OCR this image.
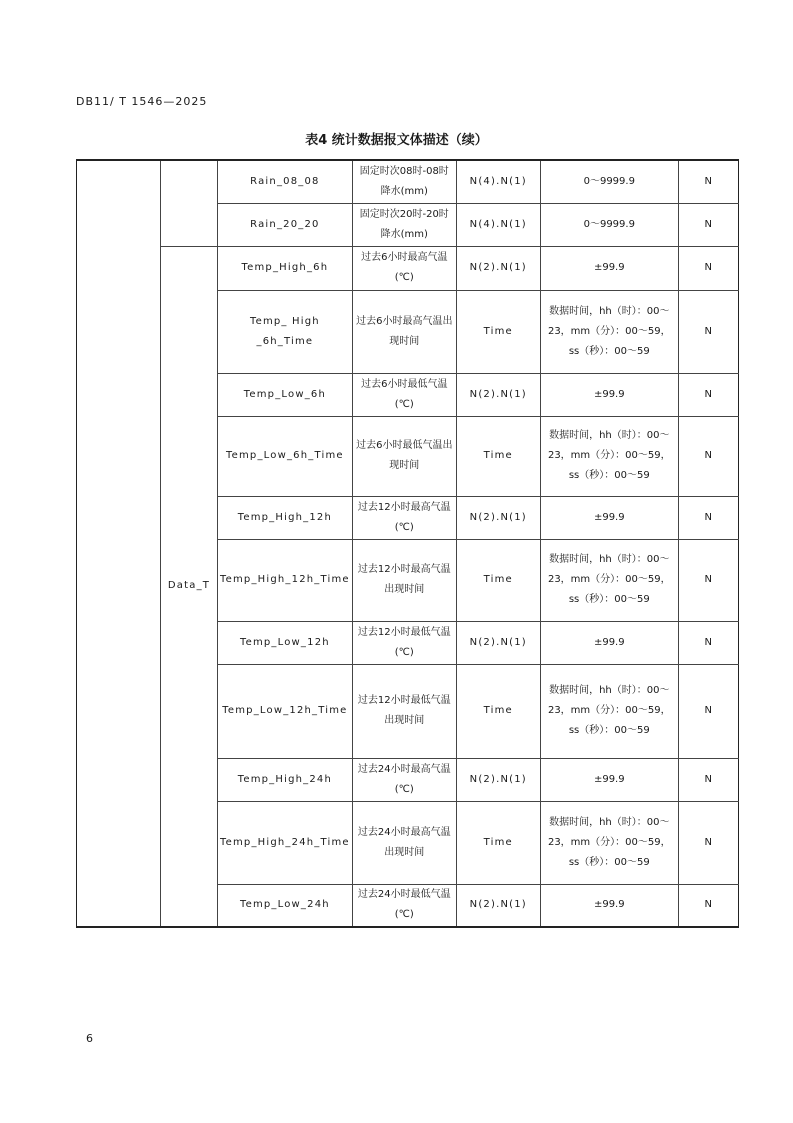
DB11/ T 1546—2025
表4 统计数据报文体描述（续）
		Rain_08_08	固定时次08时-08时降水(mm)	N(4).N(1)	0～9999.9	N
		Rain_20_20	固定时次20时-20时降水(mm)	N(4).N(1)	0～9999.9	N
	Data_T	Temp_High_6h	过去6小时最高气温(℃)	N(2).N(1)	±99.9	N
		Temp_ High _6h_Time	过去6小时最高气温出现时间	Time	数据时间，hh（时）：00～23，mm（分）：00～59，ss（秒）：00～59	N
		Temp_Low_6h	过去6小时最低气温(℃)	N(2).N(1)	±99.9	N
		Temp_Low_6h_Time	过去6小时最低气温出现时间	Time	数据时间，hh（时）：00～23，mm（分）：00～59，ss（秒）：00～59	N
		Temp_High_12h	过去12小时最高气温(℃)	N(2).N(1)	±99.9	N
		Temp_High_12h_Time	过去12小时最高气温出现时间	Time	数据时间，hh（时）：00～23，mm（分）：00～59，ss（秒）：00～59	N
		Temp_Low_12h	过去12小时最低气温(℃)	N(2).N(1)	±99.9	N
		Temp_Low_12h_Time	过去12小时最低气温出现时间	Time	数据时间，hh（时）：00～23，mm（分）：00～59，ss（秒）：00～59	N
		Temp_High_24h	过去24小时最高气温(℃)	N(2).N(1)	±99.9	N
		Temp_High_24h_Time	过去24小时最高气温出现时间	Time	数据时间，hh（时）：00～23，mm（分）：00～59，ss（秒）：00～59	N
		Temp_Low_24h	过去24小时最低气温(℃)	N(2).N(1)	±99.9	N
6
